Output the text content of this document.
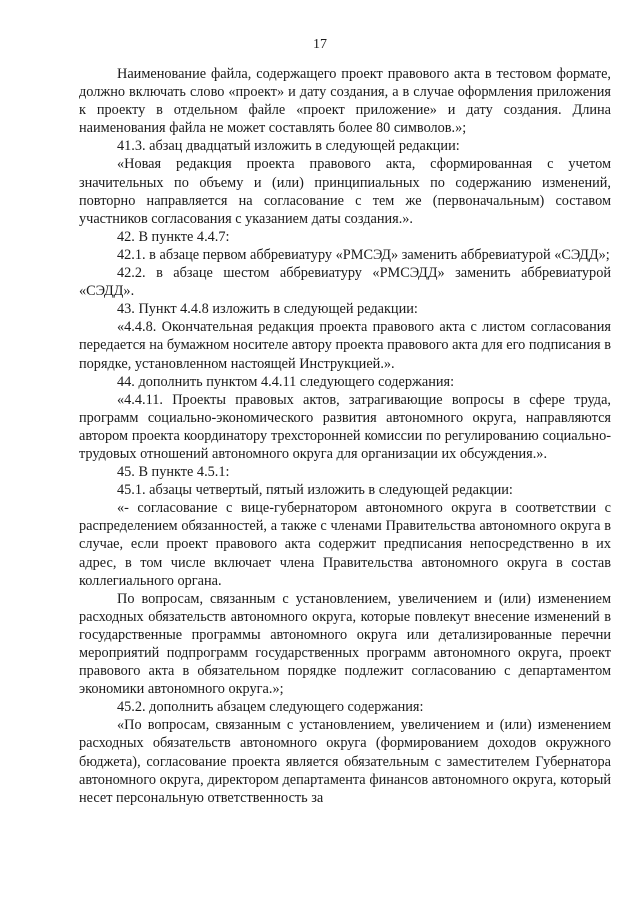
17

Наименование файла, содержащего проект правового акта в тестовом формате, должно включать слово «проект» и дату создания, а в случае оформления приложения к проекту в отдельном файле «проект приложение» и дату создания. Длина наименования файла не может составлять более 80 символов.»;

41.3. абзац двадцатый изложить в следующей редакции:

«Новая редакция проекта правового акта, сформированная с учетом значительных по объему и (или) принципиальных по содержанию изменений, повторно направляется на согласование с тем же (первоначальным) составом участников согласования с указанием даты создания.».

42. В пункте 4.4.7:

42.1. в абзаце первом аббревиатуру «РМСЭД» заменить аббревиатурой «СЭДД»;

42.2. в абзаце шестом аббревиатуру «РМСЭДД» заменить аббревиатурой «СЭДД».

43. Пункт 4.4.8 изложить в следующей редакции:

«4.4.8. Окончательная редакция проекта правового акта с листом согласования передается на бумажном носителе автору проекта правового акта для его подписания в порядке, установленном настоящей Инструкцией.».

44. дополнить пунктом 4.4.11 следующего содержания:

«4.4.11. Проекты правовых актов, затрагивающие вопросы в сфере труда, программ социально-экономического развития автономного округа, направляются автором проекта координатору трехсторонней комиссии по регулированию социально-трудовых отношений автономного округа для организации их обсуждения.».

45. В пункте 4.5.1:

45.1. абзацы четвертый, пятый изложить в следующей редакции:

«- согласование с вице-губернатором автономного округа в соответствии с распределением обязанностей, а также с членами Правительства автономного округа в случае, если проект правового акта содержит предписания непосредственно в их адрес, в том числе включает члена Правительства автономного округа в состав коллегиального органа.

По вопросам, связанным с установлением, увеличением и (или) изменением расходных обязательств автономного округа, которые повлекут внесение изменений в государственные программы автономного округа или детализированные перечни мероприятий подпрограмм государственных программ автономного округа, проект правового акта в обязательном порядке подлежит согласованию с департаментом экономики автономного округа.»;

45.2. дополнить абзацем следующего содержания:

«По вопросам, связанным с установлением, увеличением и (или) изменением расходных обязательств автономного округа (формированием доходов окружного бюджета), согласование проекта является обязательным с заместителем Губернатора автономного округа, директором департамента финансов автономного округа, который несет персональную ответственность за
